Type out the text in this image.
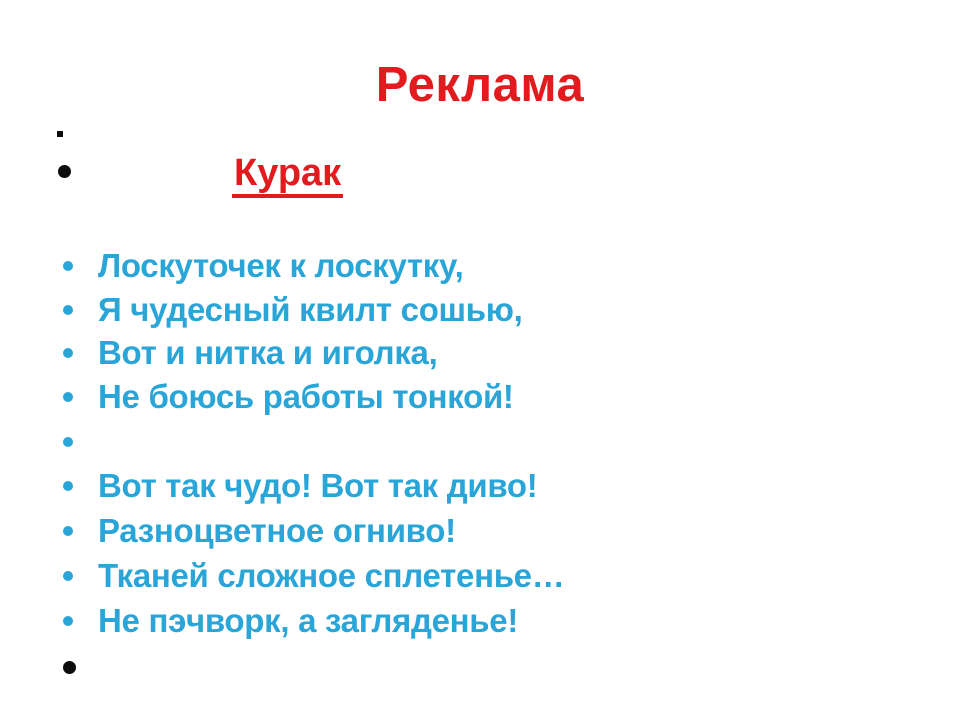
Реклама
Курак
Лоскуточек к лоскутку,
Я чудесный квилт сошью,
Вот и нитка и иголка,
Не боюсь работы тонкой!
Вот так чудо! Вот так диво!
Разноцветное огниво!
Тканей сложное сплетенье…
Не пэчворк, а загляденье!
